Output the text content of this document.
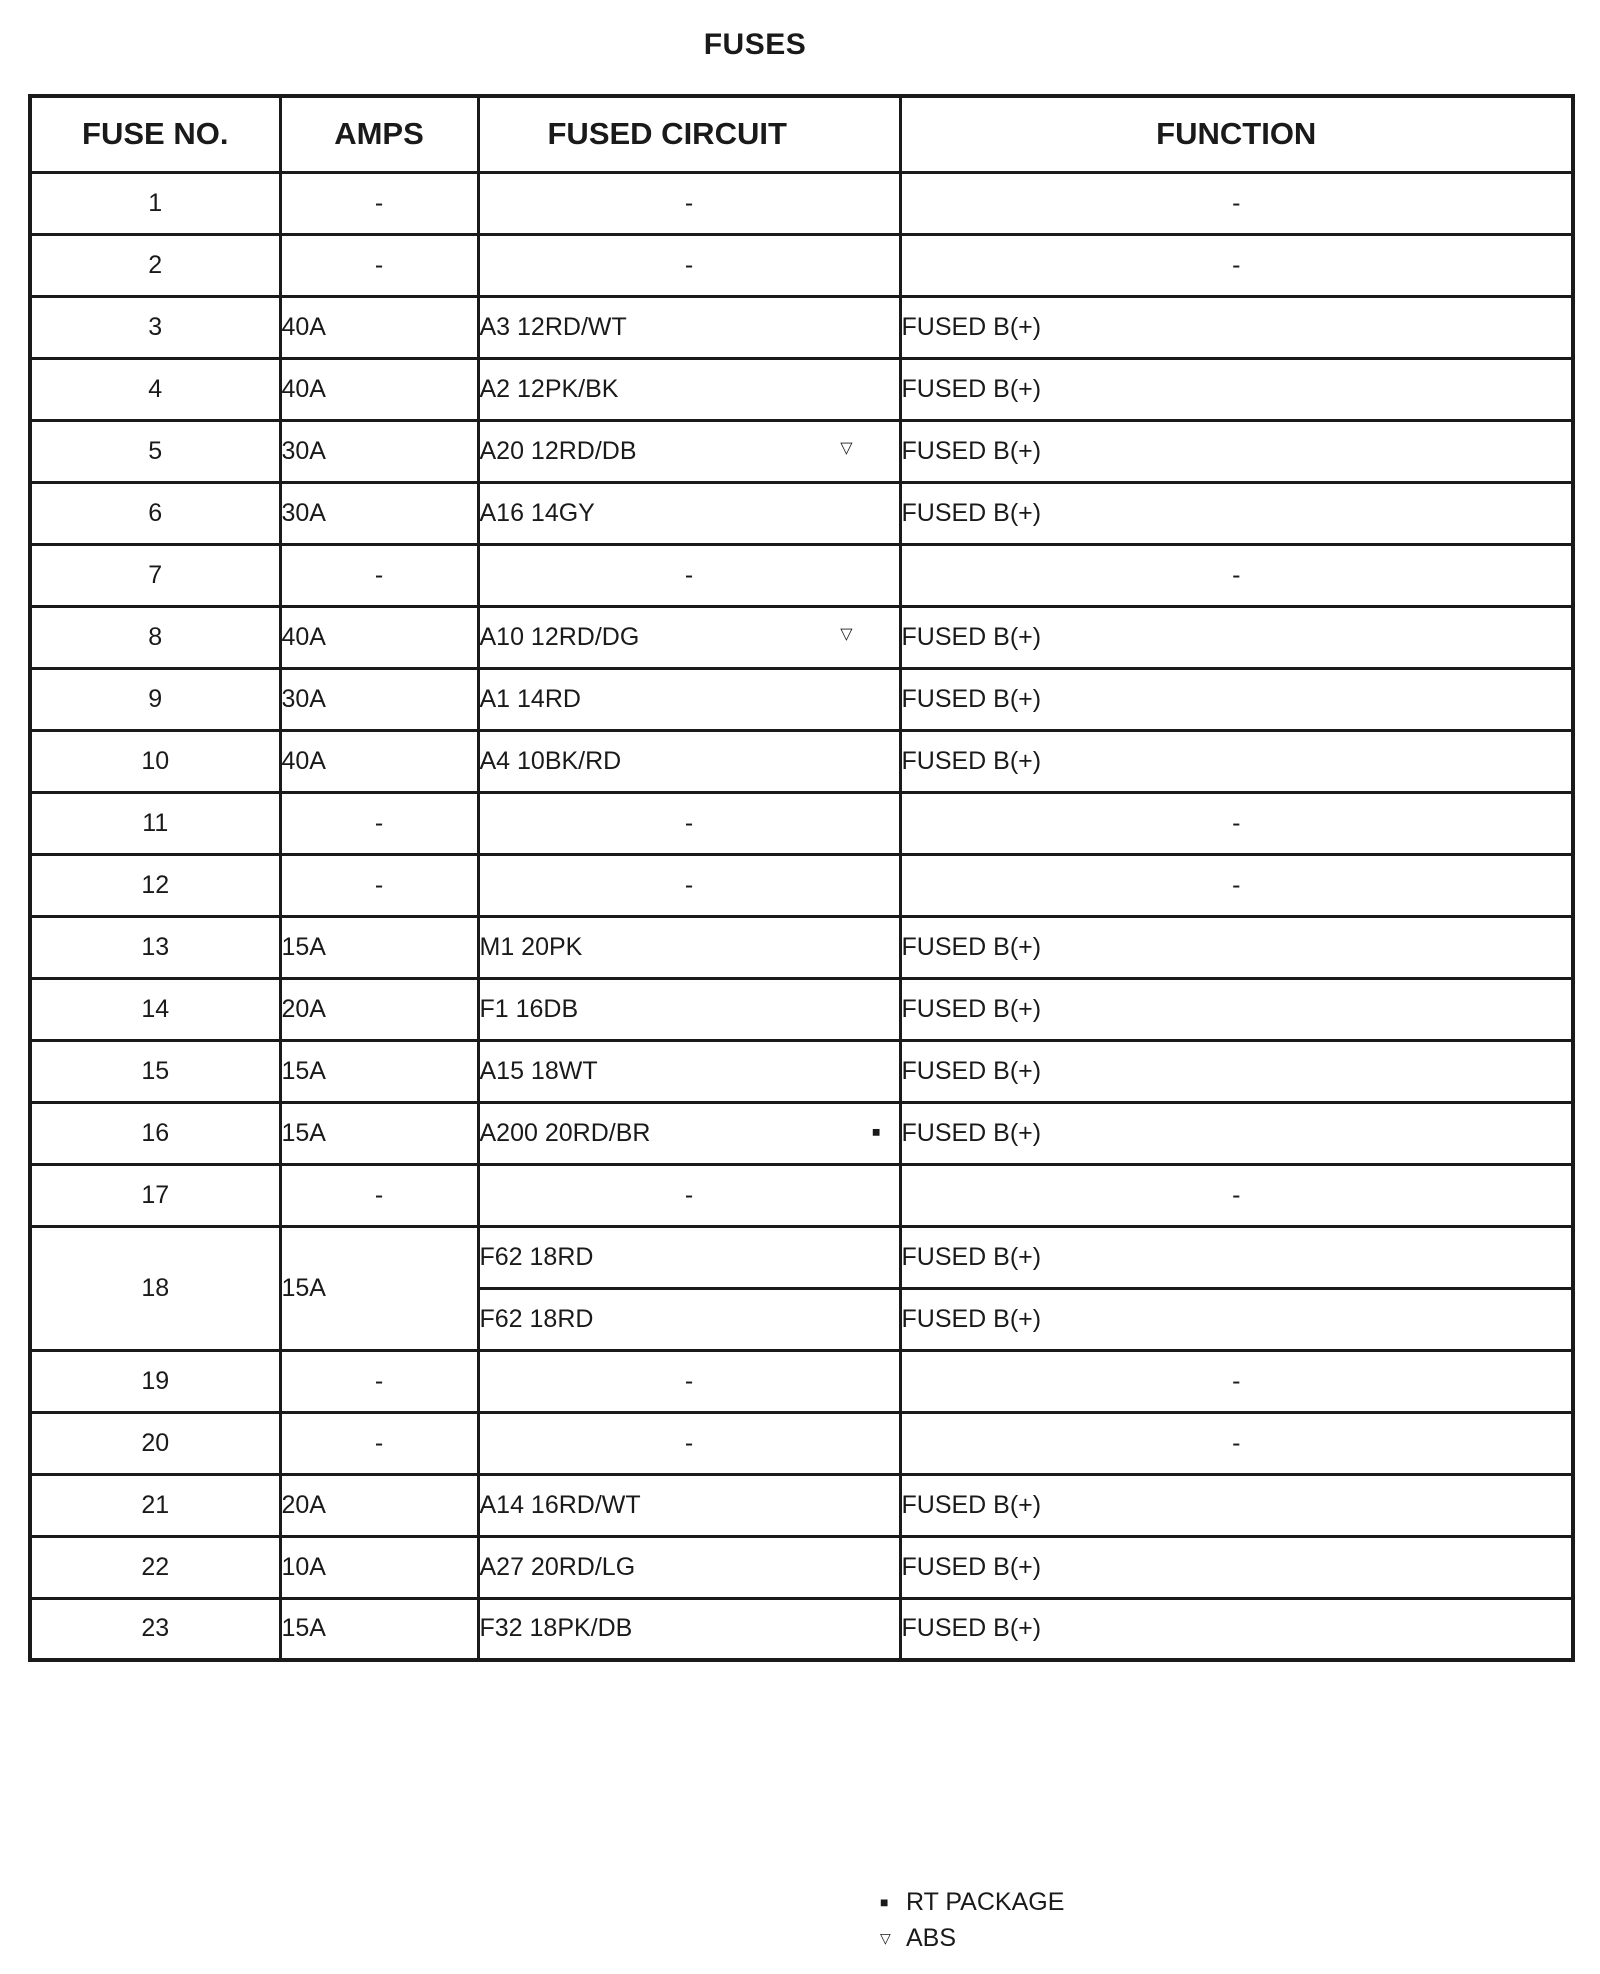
FUSES
FUSE NO.	AMPS	FUSED CIRCUIT	FUNCTION
1	-	-	-
2	-	-	-
3	40A	A3 12RD/WT	FUSED B(+)
4	40A	A2 12PK/BK	FUSED B(+)
5	30A	A20 12RD/DB ▽	FUSED B(+)
6	30A	A16 14GY	FUSED B(+)
7	-	-	-
8	40A	A10 12RD/DG ▽	FUSED B(+)
9	30A	A1 14RD	FUSED B(+)
10	40A	A4 10BK/RD	FUSED B(+)
11	-	-	-
12	-	-	-
13	15A	M1 20PK	FUSED B(+)
14	20A	F1 16DB	FUSED B(+)
15	15A	A15 18WT	FUSED B(+)
16	15A	A200 20RD/BR ■	FUSED B(+)
17	-	-	-
18	15A	F62 18RD	FUSED B(+)
		F62 18RD	FUSED B(+)
19	-	-	-
20	-	-	-
21	20A	A14 16RD/WT	FUSED B(+)
22	10A	A27 20RD/LG	FUSED B(+)
23	15A	F32 18PK/DB	FUSED B(+)
■ RT PACKAGE
▽ ABS
